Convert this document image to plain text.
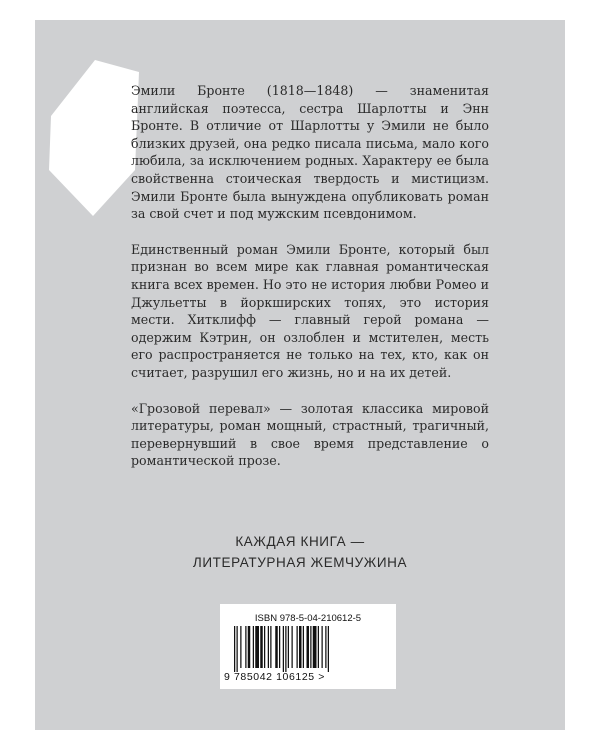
Эмили Бронте (1818—1848) — знаменитая английская поэтесса, сестра Шарлотты и Энн Бронте. В отличие от Шарлотты у Эмили не было близких друзей, она редко писала письма, мало кого любила, за исключением родных. Характеру ее была свойственна стоическая твердость и мистицизм. Эмили Бронте была вынуждена опубликовать роман за свой счет и под мужским псевдонимом.

Единственный роман Эмили Бронте, который был признан во всем мире как главная романтическая книга всех времен. Но это не история любви Ромео и Джульетты в йоркширских топях, это история мести. Хитклифф — главный герой романа — одержим Кэтрин, он озлоблен и мстителен, месть его распространяется не только на тех, кто, как он считает, разрушил его жизнь, но и на их детей.

«Грозовой перевал» — золотая классика мировой литературы, роман мощный, страстный, трагичный, перевернувший в свое время представление о романтической прозе.

КАЖДАЯ КНИГА —
ЛИТЕРАТУРНАЯ ЖЕМЧУЖИНА
ISBN 978-5-04-210612-5
9 785042 106125 >
